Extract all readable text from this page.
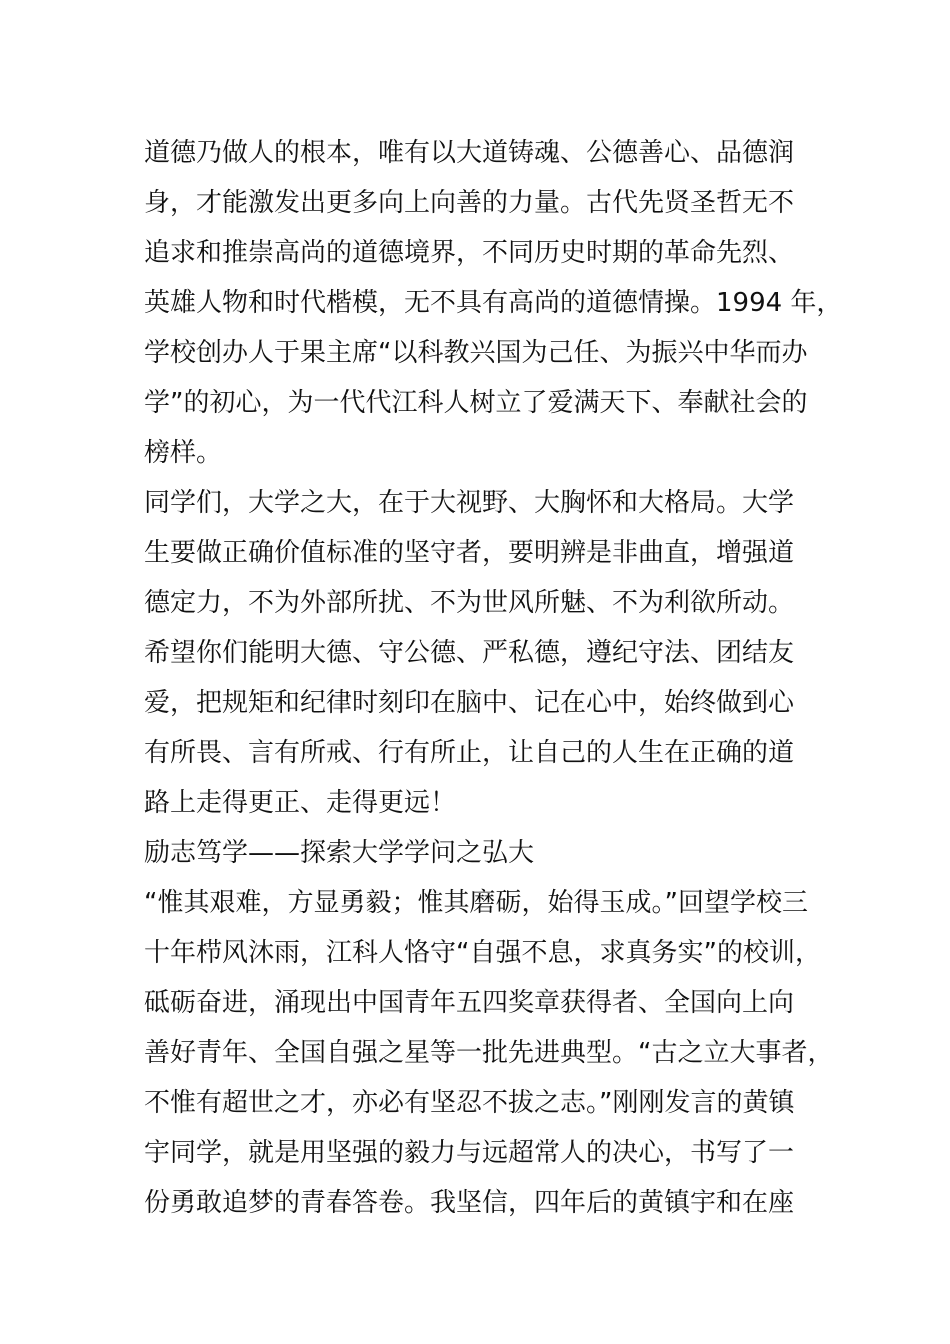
道德乃做人的根本，唯有以大道铸魂、公德善心、品德润
身，才能激发出更多向上向善的力量。古代先贤圣哲无不
追求和推崇高尚的道德境界，不同历史时期的革命先烈、
英雄人物和时代楷模，无不具有高尚的道德情操。1994 年，
学校创办人于果主席“以科教兴国为己任、为振兴中华而办
学”的初心，为一代代江科人树立了爱满天下、奉献社会的
榜样。
同学们，大学之大，在于大视野、大胸怀和大格局。大学
生要做正确价值标准的坚守者，要明辨是非曲直，增强道
德定力，不为外部所扰、不为世风所魅、不为利欲所动。
希望你们能明大德、守公德、严私德，遵纪守法、团结友
爱，把规矩和纪律时刻印在脑中、记在心中，始终做到心
有所畏、言有所戒、行有所止，让自己的人生在正确的道
路上走得更正、走得更远！
励志笃学——探索大学学问之弘大
“惟其艰难，方显勇毅；惟其磨砺，始得玉成。”回望学校三
十年栉风沐雨，江科人恪守“自强不息，求真务实”的校训，
砥砺奋进，涌现出中国青年五四奖章获得者、全国向上向
善好青年、全国自强之星等一批先进典型。“古之立大事者，
不惟有超世之才，亦必有坚忍不拔之志。”刚刚发言的黄镇
宇同学，就是用坚强的毅力与远超常人的决心，书写了一
份勇敢追梦的青春答卷。我坚信，四年后的黄镇宇和在座
